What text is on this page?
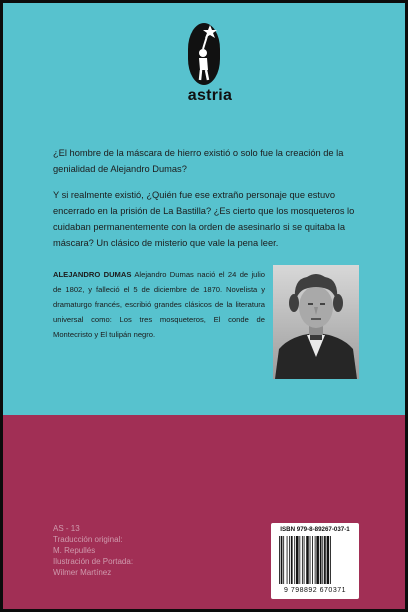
astria

¿El hombre de la máscara de hierro existió o solo fue la creación de la genialidad de Alejandro Dumas?

Y si realmente existió, ¿Quién fue ese extraño personaje que estuvo encerrado en la prisión de La Bastilla? ¿Es cierto que los mosqueteros lo cuidaban permanentemente con la orden de asesinarlo si se quitaba la máscara? Un clásico de misterio que vale la pena leer.

ALEJANDRO DUMAS Alejandro Dumas nació el 24 de julio de 1802, y falleció el 5 de diciembre de 1870. Novelista y dramaturgo francés, escribió grandes clásicos de la literatura universal como: Los tres mosqueteros, El conde de Montecristo y El tulipán negro.

AS - 13
Traducción original:
M. Repullés
Ilustración de Portada:
Wilmer Martínez
ISBN 979-8-89267-037-1
9 798892 670371
